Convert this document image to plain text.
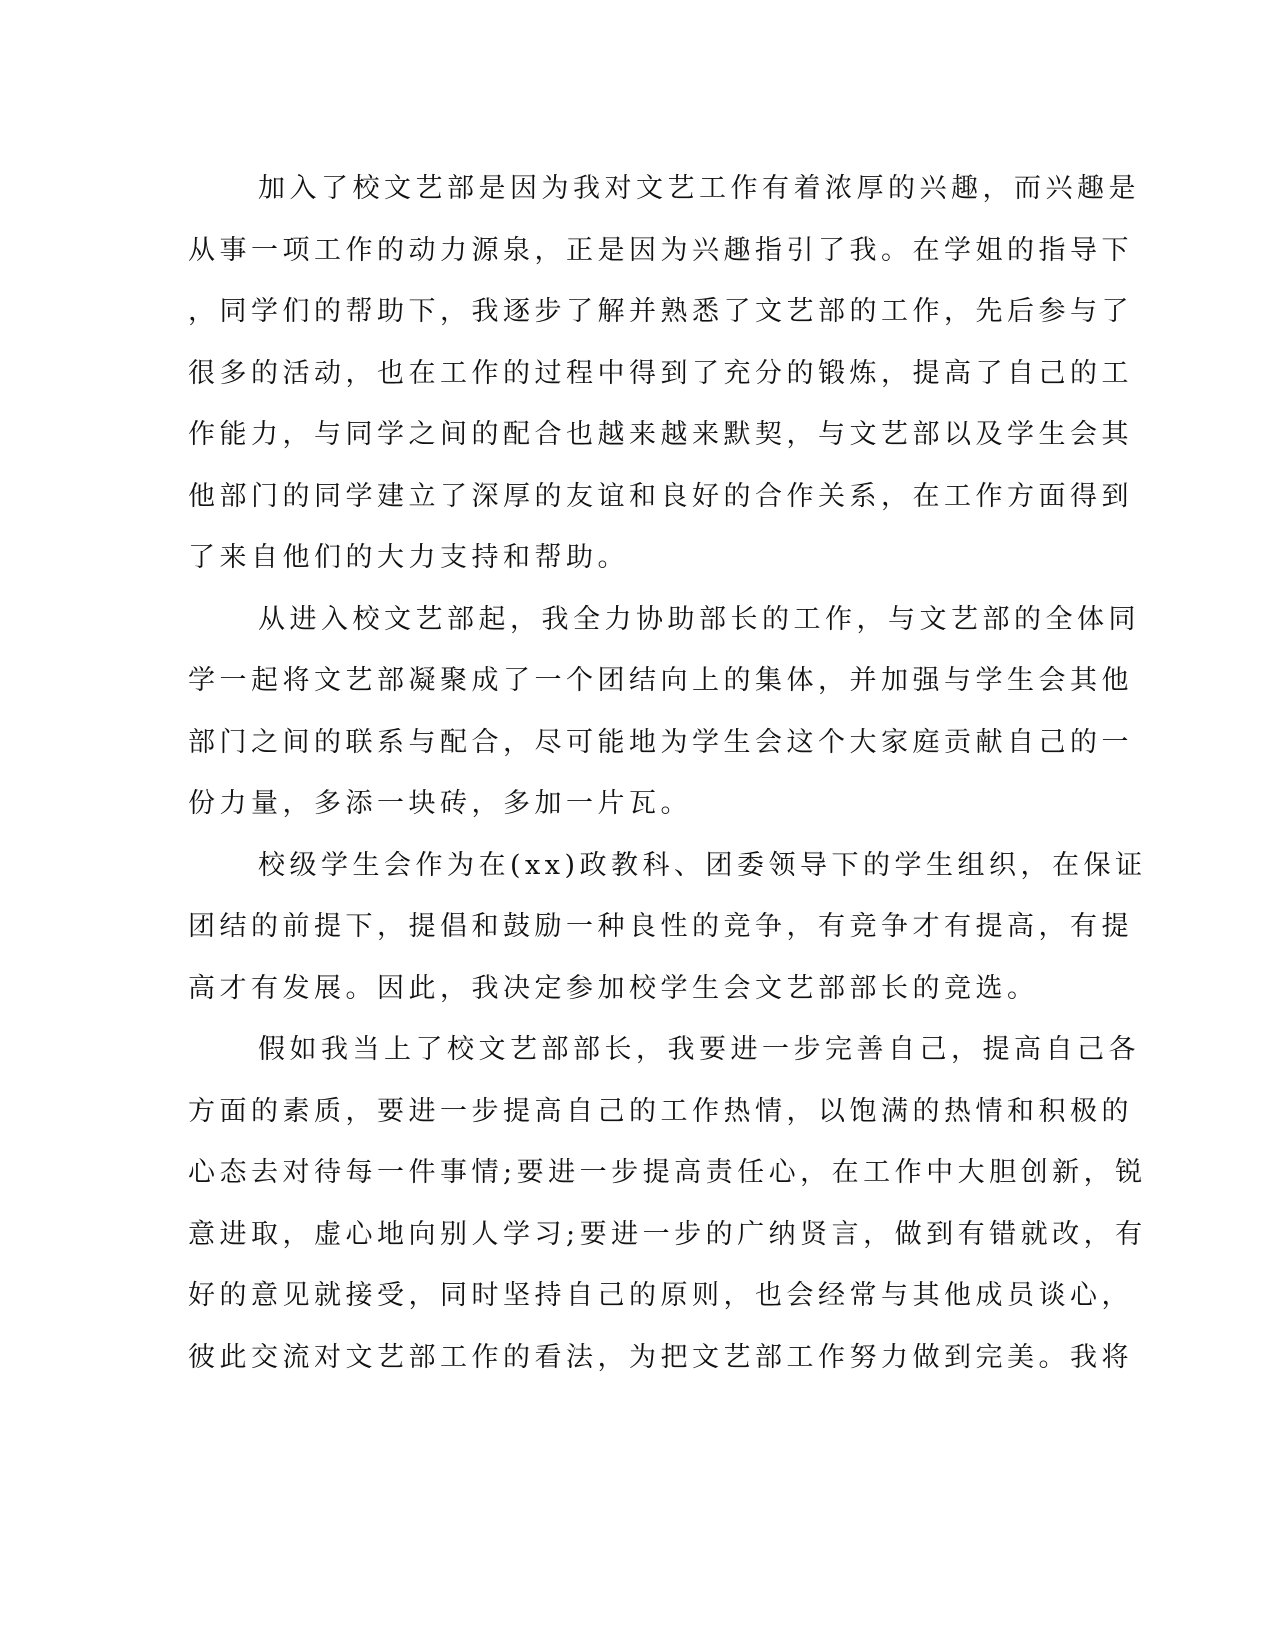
加入了校文艺部是因为我对文艺工作有着浓厚的兴趣，而兴趣是
从事一项工作的动力源泉，正是因为兴趣指引了我。在学姐的指导下
，同学们的帮助下，我逐步了解并熟悉了文艺部的工作，先后参与了
很多的活动，也在工作的过程中得到了充分的锻炼，提高了自己的工
作能力，与同学之间的配合也越来越来默契，与文艺部以及学生会其
他部门的同学建立了深厚的友谊和良好的合作关系，在工作方面得到
了来自他们的大力支持和帮助。
从进入校文艺部起，我全力协助部长的工作，与文艺部的全体同
学一起将文艺部凝聚成了一个团结向上的集体，并加强与学生会其他
部门之间的联系与配合，尽可能地为学生会这个大家庭贡献自己的一
份力量，多添一块砖，多加一片瓦。
校级学生会作为在(xx)政教科、团委领导下的学生组织，在保证
团结的前提下，提倡和鼓励一种良性的竞争，有竞争才有提高，有提
高才有发展。因此，我决定参加校学生会文艺部部长的竞选。
假如我当上了校文艺部部长，我要进一步完善自己，提高自己各
方面的素质，要进一步提高自己的工作热情，以饱满的热情和积极的
心态去对待每一件事情;要进一步提高责任心，在工作中大胆创新，锐
意进取，虚心地向别人学习;要进一步的广纳贤言，做到有错就改，有
好的意见就接受，同时坚持自己的原则，也会经常与其他成员谈心，
彼此交流对文艺部工作的看法，为把文艺部工作努力做到完美。我将
